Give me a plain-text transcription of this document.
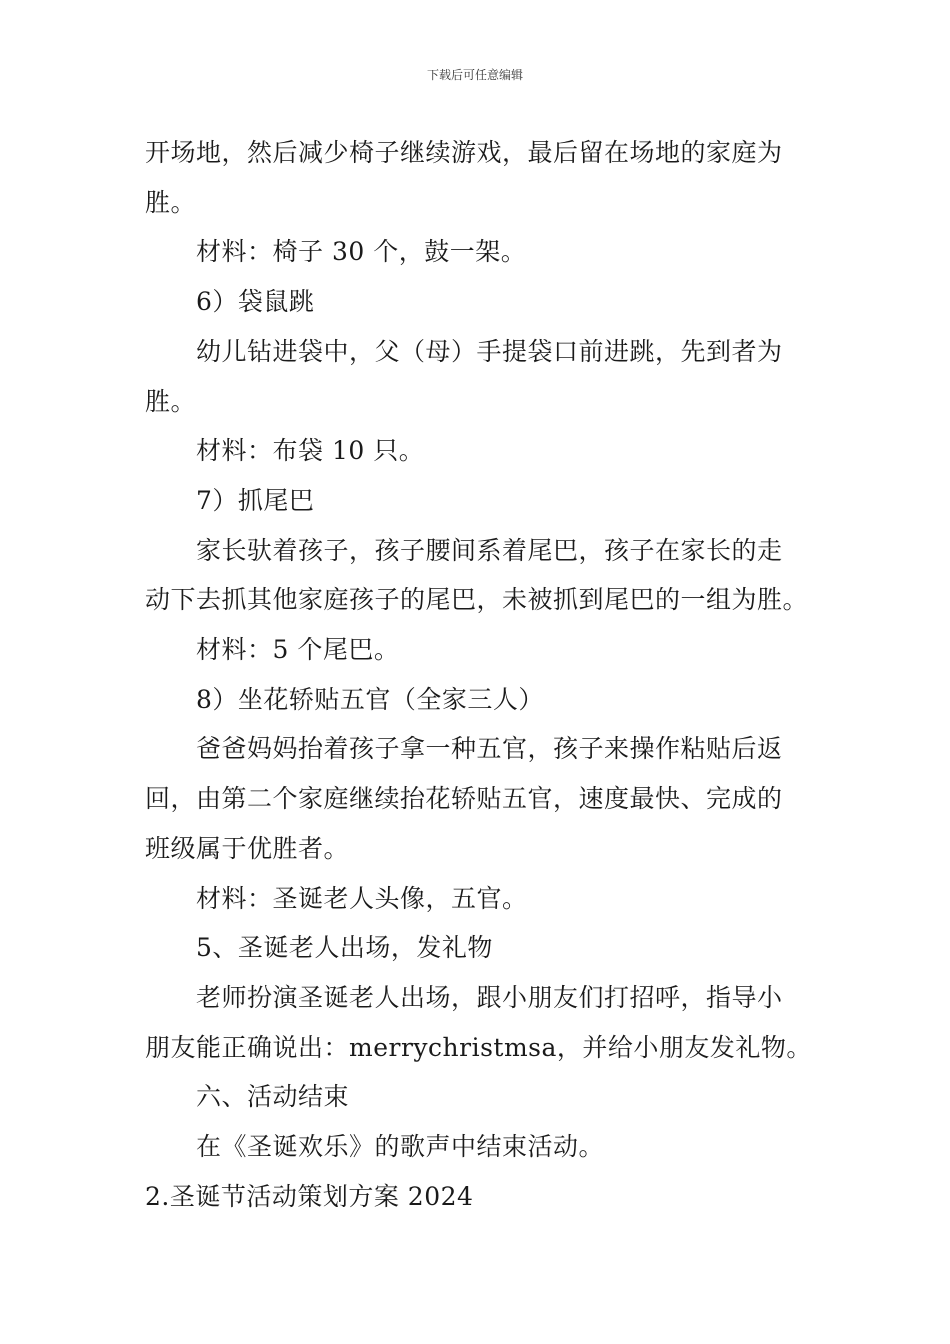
下载后可任意编辑

开场地，然后减少椅子继续游戏，最后留在场地的家庭为

胜。

材料：椅子 30 个，鼓一架。

6）袋鼠跳

幼儿钻进袋中，父（母）手提袋口前进跳，先到者为

胜。

材料：布袋 10 只。

7）抓尾巴

家长驮着孩子，孩子腰间系着尾巴，孩子在家长的走

动下去抓其他家庭孩子的尾巴，未被抓到尾巴的一组为胜。

材料：5 个尾巴。

8）坐花轿贴五官（全家三人）

爸爸妈妈抬着孩子拿一种五官，孩子来操作粘贴后返

回，由第二个家庭继续抬花轿贴五官，速度最快、完成的

班级属于优胜者。

材料：圣诞老人头像，五官。

5、圣诞老人出场，发礼物

老师扮演圣诞老人出场，跟小朋友们打招呼，指导小

朋友能正确说出：merrychristmsa，并给小朋友发礼物。

六、活动结束

在《圣诞欢乐》的歌声中结束活动。

2.圣诞节活动策划方案 2024
